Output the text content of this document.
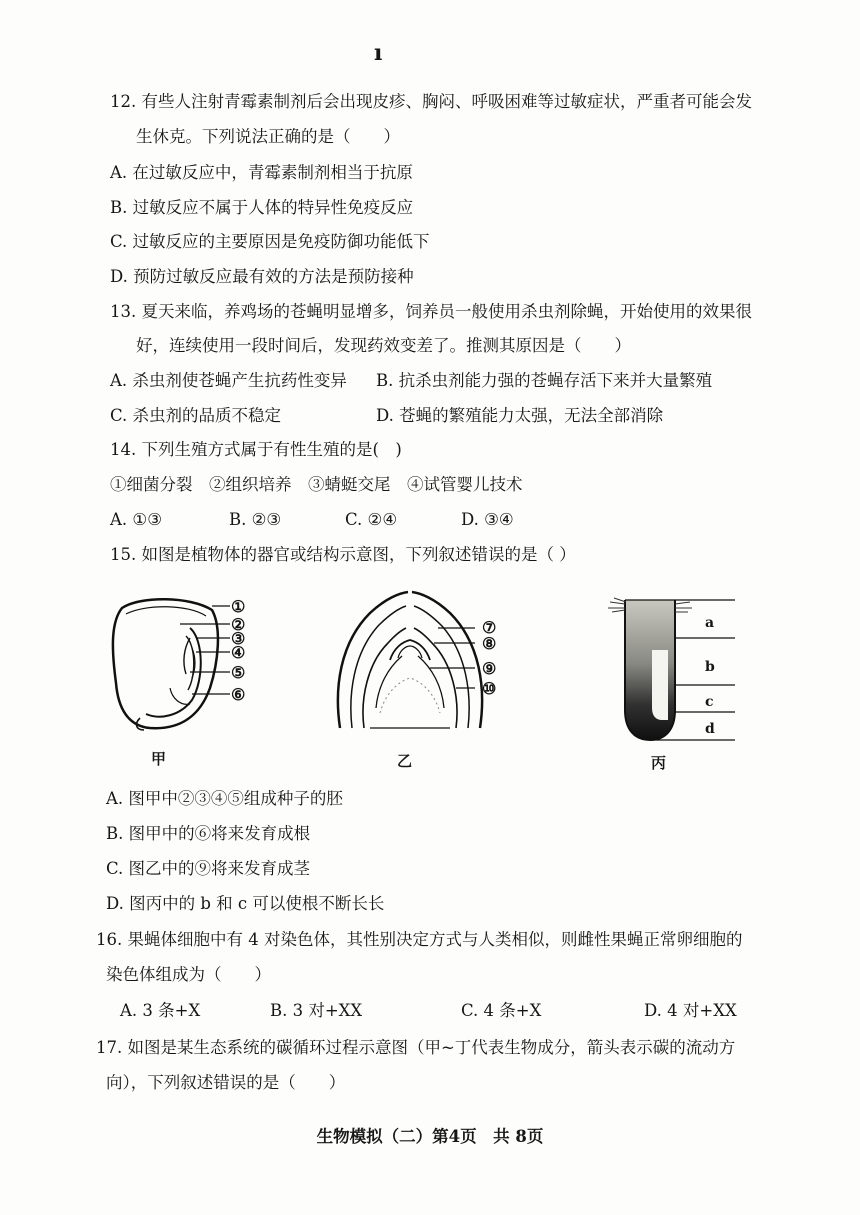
ı
12. 有些人注射青霉素制剂后会出现皮疹、胸闷、呼吸困难等过敏症状，严重者可能会发
生休克。下列说法正确的是（　　）
A. 在过敏反应中，青霉素制剂相当于抗原
B. 过敏反应不属于人体的特异性免疫反应
C. 过敏反应的主要原因是免疫防御功能低下
D. 预防过敏反应最有效的方法是预防接种
13. 夏天来临，养鸡场的苍蝇明显增多，饲养员一般使用杀虫剂除蝇，开始使用的效果很
好，连续使用一段时间后，发现药效变差了。推测其原因是（　　）
A. 杀虫剂使苍蝇产生抗药性变异 B. 抗杀虫剂能力强的苍蝇存活下来并大量繁殖
C. 杀虫剂的品质不稳定	D. 苍蝇的繁殖能力太强，无法全部消除
14. 下列生殖方式属于有性生殖的是(　)
①细菌分裂　②组织培养　③蜻蜓交尾　④试管婴儿技术
A. ①③	B. ②③	C. ②④	D. ③④
15. 如图是植物体的器官或结构示意图，下列叙述错误的是（ ）
①
②
③
④
⑤
⑥
甲
⑦
⑧
⑨
⑩
乙
a
b
c
d
丙
A. 图甲中②③④⑤组成种子的胚
B. 图甲中的⑥将来发育成根
C. 图乙中的⑨将来发育成茎
D. 图丙中的 b 和 c 可以使根不断长长
16. 果蝇体细胞中有 4 对染色体，其性别决定方式与人类相似，则雌性果蝇正常卵细胞的
染色体组成为（　　）
A. 3 条+X	B. 3 对+XX	C. 4 条+X	D. 4 对+XX
17. 如图是某生态系统的碳循环过程示意图（甲~丁代表生物成分，箭头表示碳的流动方
向），下列叙述错误的是（　　）
生物模拟（二）第4页　共 8页
